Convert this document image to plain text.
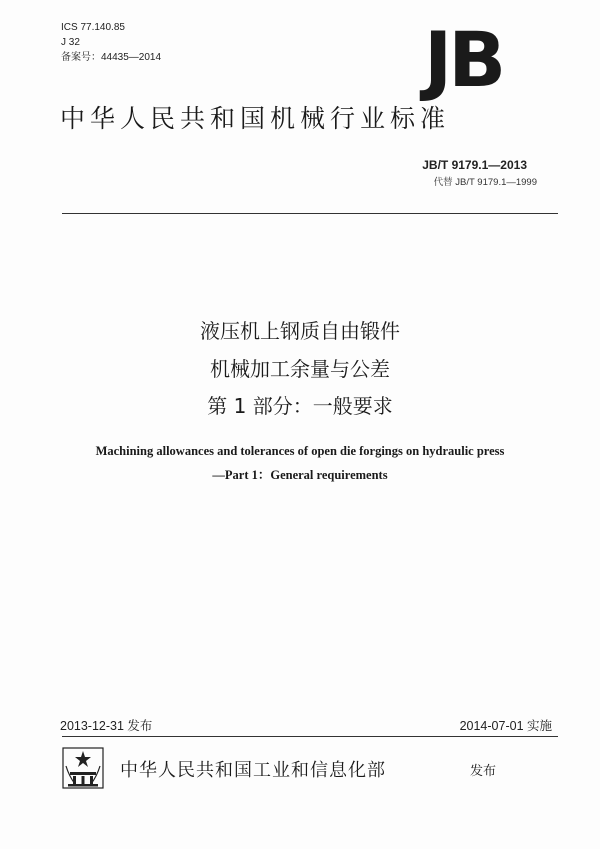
ICS 77.140.85
J 32
备案号：44435—2014	JB
中华人民共和国机械行业标准
JB/T 9179.1—2013
代替 JB/T 9179.1—1999
液压机上钢质自由锻件
机械加工余量与公差
第 1 部分：一般要求
Machining allowances and tolerances of open die forgings on hydraulic press
—Part 1：General requirements
2013-12-31 发布	2014-07-01 实施
中华人民共和国工业和信息化部	发布
